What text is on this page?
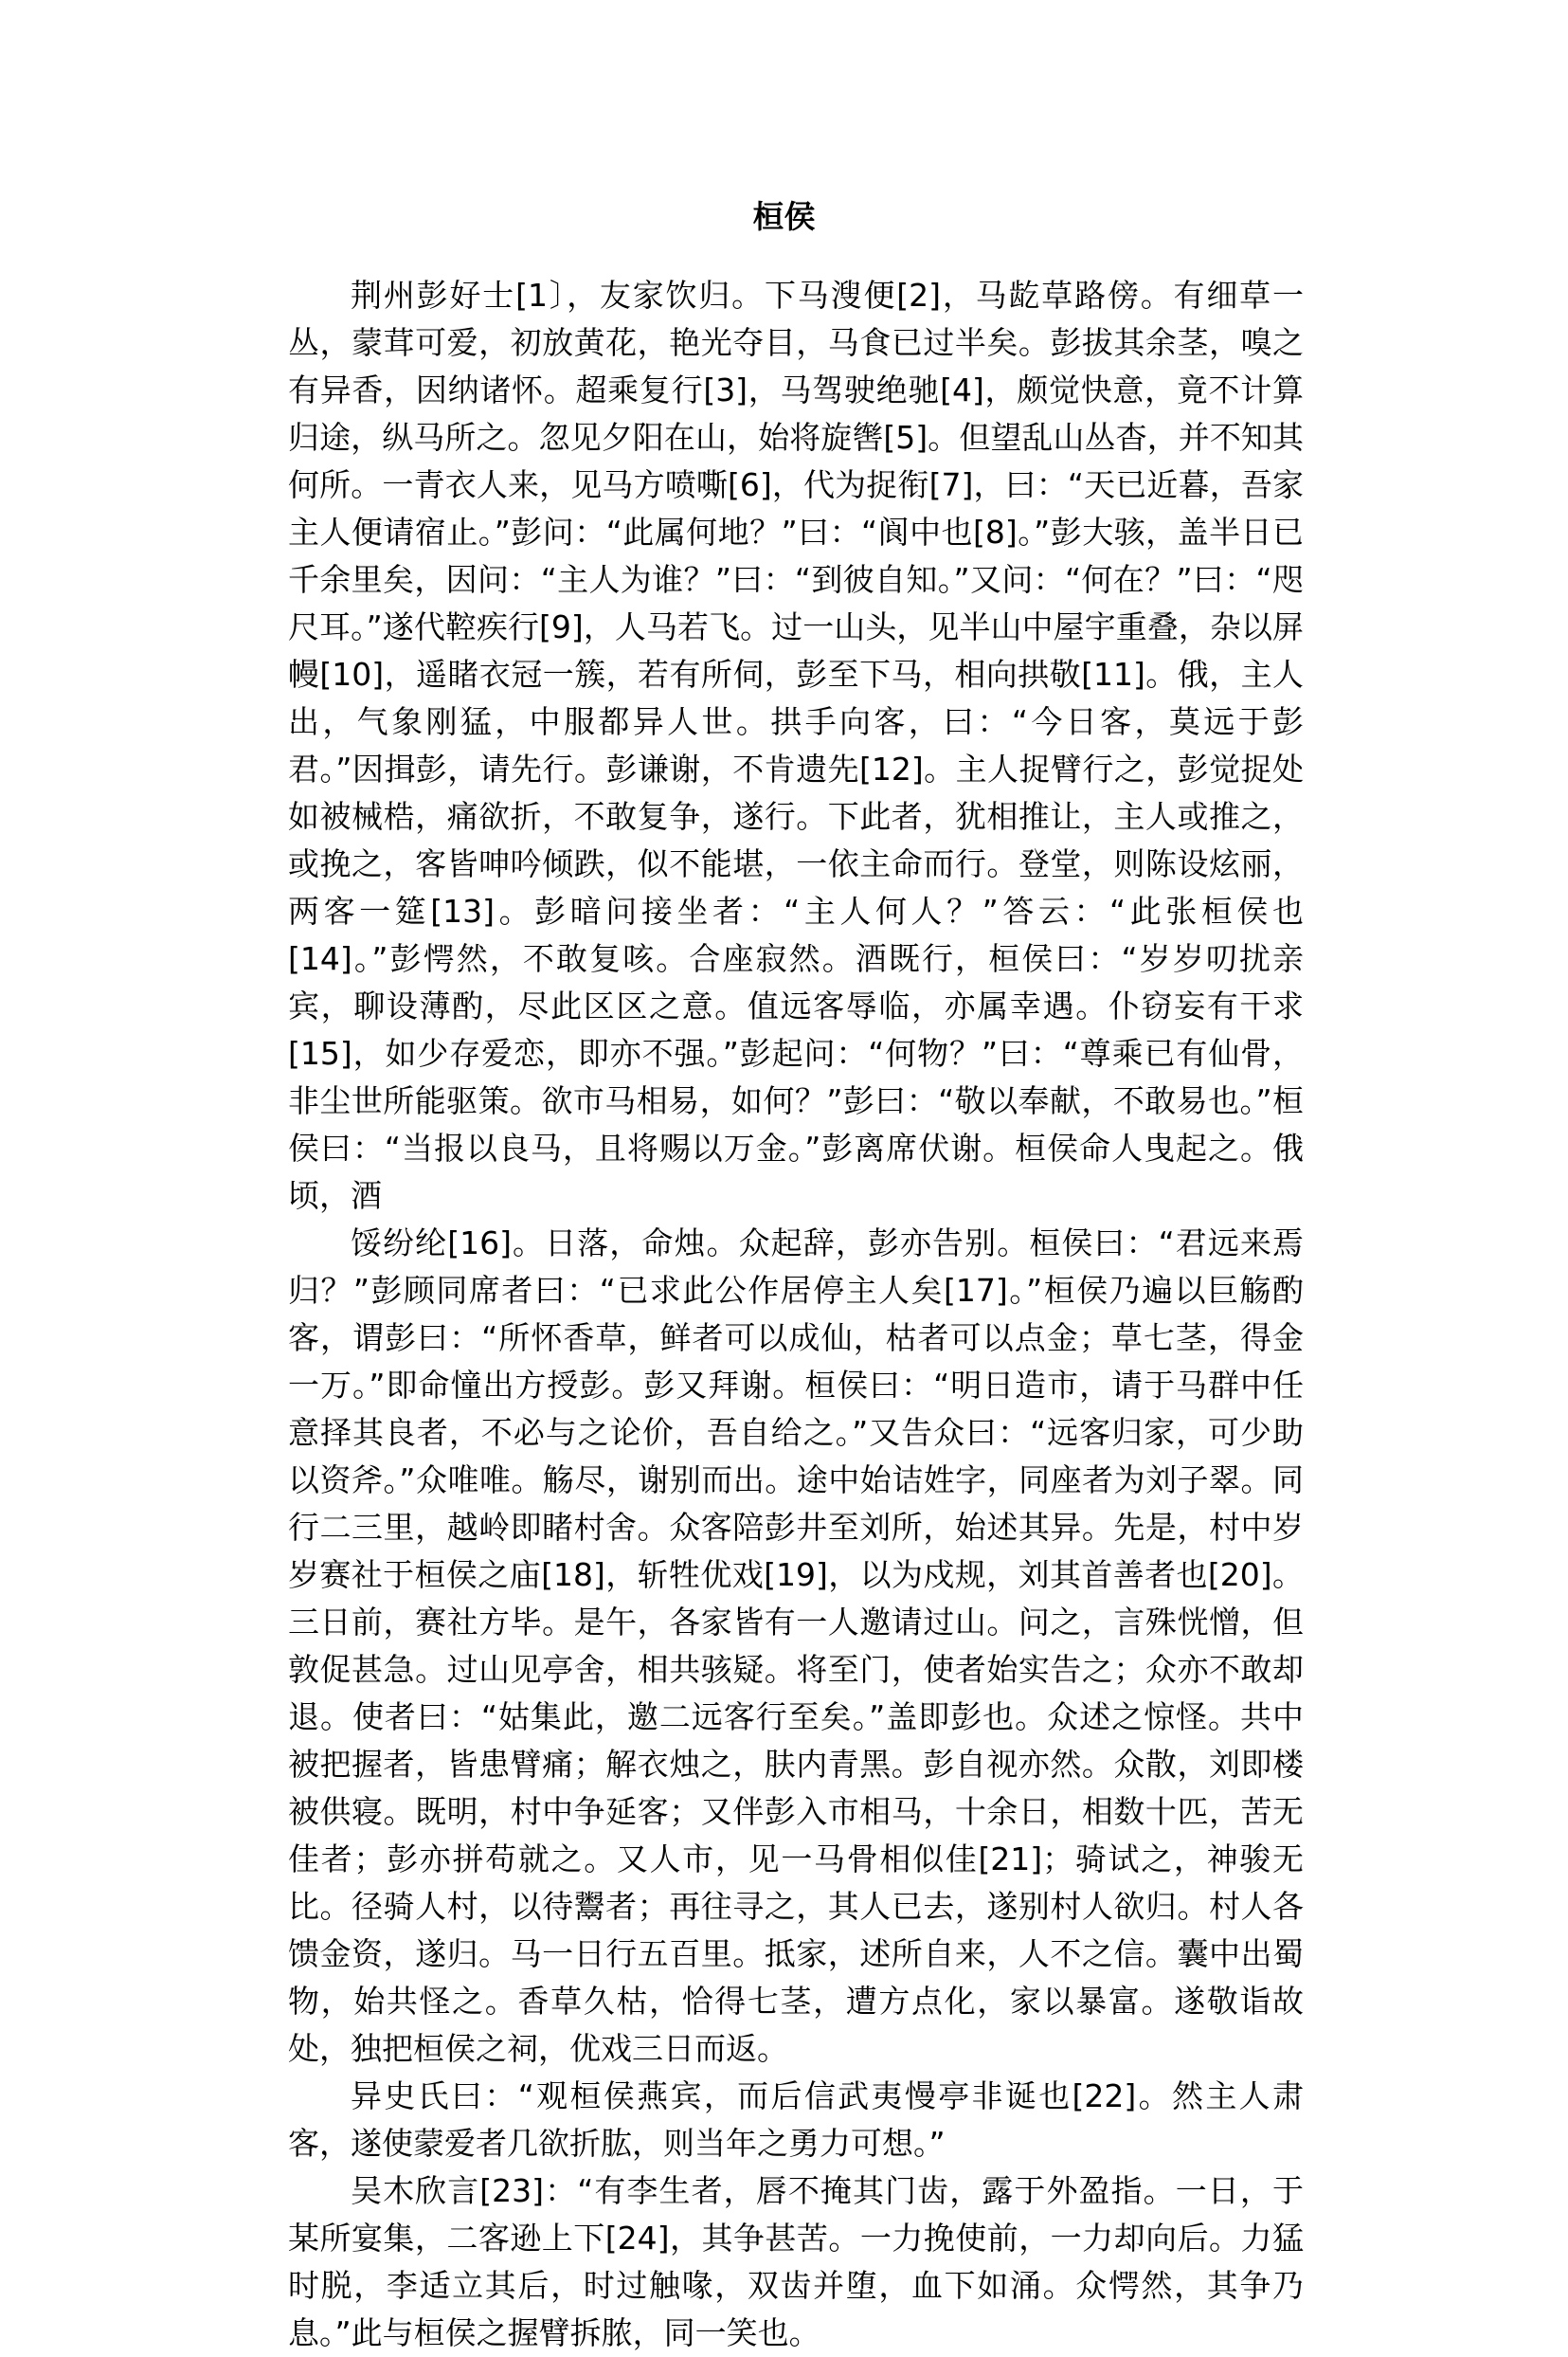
桓侯

荆州彭好士[1〕，友家饮归。下马溲便[2]，马龁草路傍。有细草一丛，蒙茸可爱，初放黄花，艳光夺目，马食已过半矣。彭拔其余茎，嗅之有异香，因纳诸怀。超乘复行[3]，马驾驶绝驰[4]，颇觉快意，竟不计算归途，纵马所之。忽见夕阳在山，始将旋辔[5]。但望乱山丛杳，并不知其何所。一青衣人来，见马方喷嘶[6]，代为捉衔[7]，曰：“天已近暮，吾家主人便请宿止。”彭问：“此属何地？”曰：“阆中也[8]。”彭大骇，盖半日已千余里矣，因问：“主人为谁？”曰：“到彼自知。”又问：“何在？”曰：“咫尺耳。”遂代鞚疾行[9]，人马若飞。过一山头，见半山中屋宇重叠，杂以屏幔[10]，遥睹衣冠一簇，若有所伺，彭至下马，相向拱敬[11]。俄，主人出，气象刚猛，中服都异人世。拱手向客，曰：“今日客，莫远于彭君。”因揖彭，请先行。彭谦谢，不肯遗先[12]。主人捉臂行之，彭觉捉处如被械梏，痛欲折，不敢复争，遂行。下此者，犹相推让，主人或推之，或挽之，客皆呻吟倾跌，似不能堪，一依主命而行。登堂，则陈设炫丽，两客一筵[13]。彭暗问接坐者：“主人何人？”答云：“此张桓侯也[14]。”彭愕然，不敢复咳。合座寂然。酒既行，桓侯曰：“岁岁叨扰亲宾，聊设薄酌，尽此区区之意。值远客辱临，亦属幸遇。仆窃妄有干求[15]，如少存爱恋，即亦不强。”彭起问：“何物？”曰：“尊乘已有仙骨，非尘世所能驱策。欲市马相易，如何？”彭曰：“敬以奉献，不敢易也。”桓侯曰：“当报以良马，且将赐以万金。”彭离席伏谢。桓侯命人曳起之。俄顷，酒

馁纷纶[16]。日落，命烛。众起辞，彭亦告别。桓侯曰：“君远来焉归？”彭顾同席者曰：“已求此公作居停主人矣[17]。”桓侯乃遍以巨觞酌客，谓彭曰：“所怀香草，鲜者可以成仙，枯者可以点金；草七茎，得金一万。”即命憧出方授彭。彭又拜谢。桓侯曰：“明日造市，请于马群中任意择其良者，不必与之论价，吾自给之。”又告众曰：“远客归家，可少助以资斧。”众唯唯。觞尽，谢别而出。途中始诘姓字，同座者为刘子翠。同行二三里，越岭即睹村舍。众客陪彭井至刘所，始述其异。先是，村中岁岁赛社于桓侯之庙[18]，斩牲优戏[19]，以为戍规，刘其首善者也[20]。三日前，赛社方毕。是午，各家皆有一人邀请过山。问之，言殊恍憎，但敦促甚急。过山见亭舍，相共骇疑。将至门，使者始实告之；众亦不敢却退。使者曰：“姑集此，邀二远客行至矣。”盖即彭也。众述之惊怪。共中被把握者，皆患臂痛；解衣烛之，肤内青黑。彭自视亦然。众散，刘即楼被供寝。既明，村中争延客；又伴彭入市相马，十余日，相数十匹，苦无佳者；彭亦拼苟就之。又人市，见一马骨相似佳[21]；骑试之，神骏无比。径骑人村，以待鬻者；再往寻之，其人已去，遂别村人欲归。村人各馈金资，遂归。马一日行五百里。抵家，述所自来，人不之信。囊中出蜀物，始共怪之。香草久枯，恰得七茎，遭方点化，家以暴富。遂敬诣故处，独把桓侯之祠，优戏三日而返。

异史氏曰：“观桓侯燕宾，而后信武夷慢亭非诞也[22]。然主人肃客，遂使蒙爱者几欲折肱，则当年之勇力可想。”

吴木欣言[23]：“有李生者，唇不掩其门齿，露于外盈指。一日，于某所宴集，二客逊上下[24]，其争甚苦。一力挽使前，一力却向后。力猛时脱，李适立其后，时过触喙，双齿并堕，血下如涌。众愕然，其争乃息。”此与桓侯之握臂拆脓，同一笑也。
